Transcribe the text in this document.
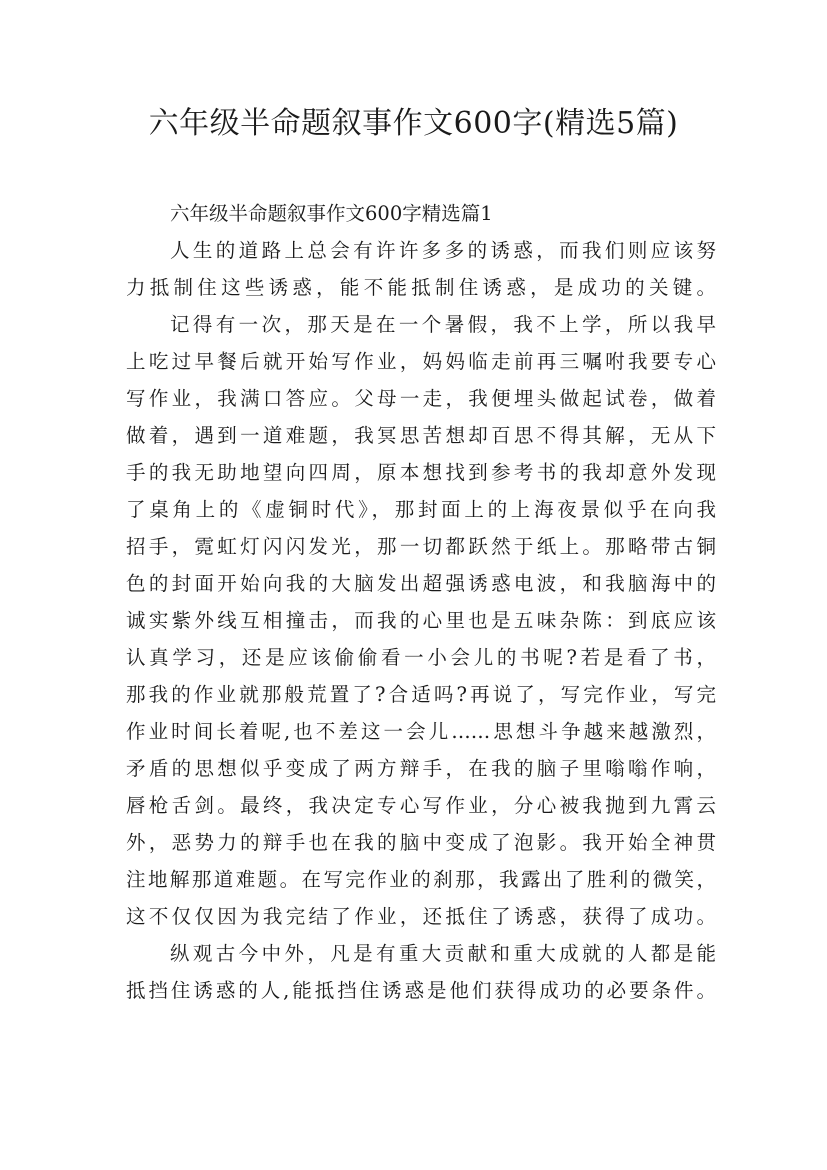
六年级半命题叙事作文600字(精选5篇)
六年级半命题叙事作文600字精选篇1
人生的道路上总会有许许多多的诱惑，而我们则应该努
力抵制住这些诱惑，能不能抵制住诱惑，是成功的关键。
记得有一次，那天是在一个暑假，我不上学，所以我早
上吃过早餐后就开始写作业，妈妈临走前再三嘱咐我要专心
写作业，我满口答应。父母一走，我便埋头做起试卷，做着
做着，遇到一道难题，我冥思苦想却百思不得其解，无从下
手的我无助地望向四周，原本想找到参考书的我却意外发现
了桌角上的《虚铜时代》，那封面上的上海夜景似乎在向我
招手，霓虹灯闪闪发光，那一切都跃然于纸上。那略带古铜
色的封面开始向我的大脑发出超强诱惑电波，和我脑海中的
诚实紫外线互相撞击，而我的心里也是五味杂陈：到底应该
认真学习，还是应该偷偷看一小会儿的书呢?若是看了书，
那我的作业就那般荒置了?合适吗?再说了，写完作业，写完
作业时间长着呢,也不差这一会儿……思想斗争越来越激烈，
矛盾的思想似乎变成了两方辩手，在我的脑子里嗡嗡作响，
唇枪舌剑。最终，我决定专心写作业，分心被我抛到九霄云
外，恶势力的辩手也在我的脑中变成了泡影。我开始全神贯
注地解那道难题。在写完作业的刹那，我露出了胜利的微笑，
这不仅仅因为我完结了作业，还抵住了诱惑，获得了成功。
纵观古今中外，凡是有重大贡献和重大成就的人都是能
抵挡住诱惑的人,能抵挡住诱惑是他们获得成功的必要条件。
